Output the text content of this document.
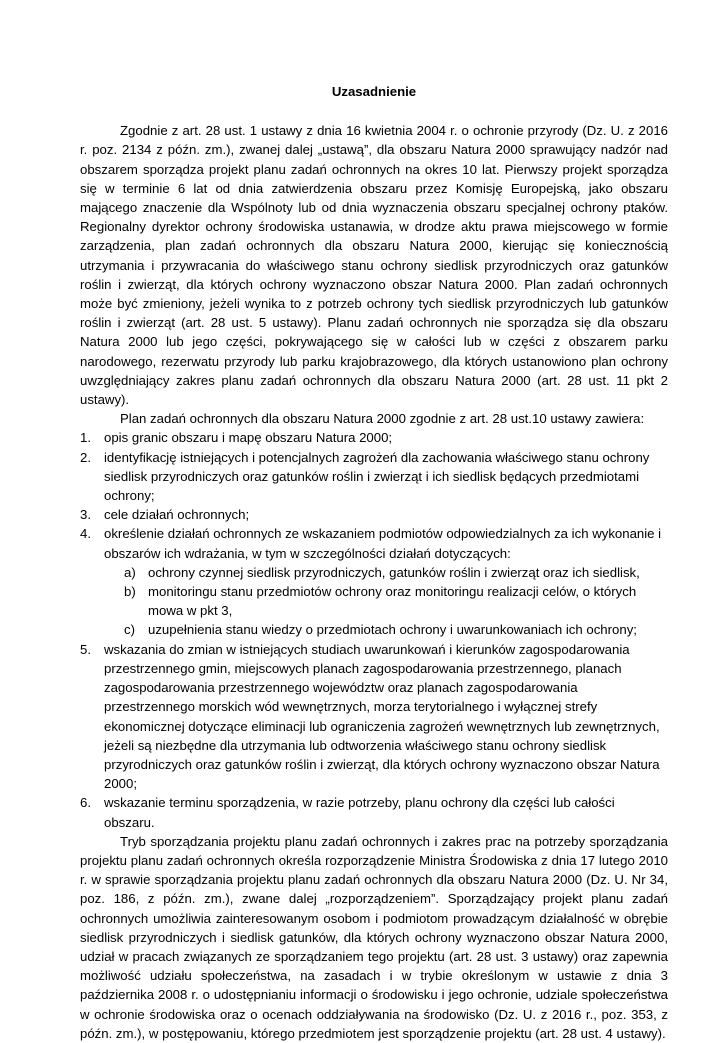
Uzasadnienie

Zgodnie z art. 28 ust. 1 ustawy z dnia 16 kwietnia 2004 r. o ochronie przyrody (Dz. U. z 2016 r. poz. 2134 z późn. zm.), zwanej dalej „ustawą”, dla obszaru Natura 2000 sprawujący nadzór nad obszarem sporządza projekt planu zadań ochronnych na okres 10 lat. Pierwszy projekt sporządza się w terminie 6 lat od dnia zatwierdzenia obszaru przez Komisję Europejską, jako obszaru mającego znaczenie dla Wspólnoty lub od dnia wyznaczenia obszaru specjalnej ochrony ptaków. Regionalny dyrektor ochrony środowiska ustanawia, w drodze aktu prawa miejscowego w formie zarządzenia, plan zadań ochronnych dla obszaru Natura 2000, kierując się koniecznością utrzymania i przywracania do właściwego stanu ochrony siedlisk przyrodniczych oraz gatunków roślin i zwierząt, dla których ochrony wyznaczono obszar Natura 2000. Plan zadań ochronnych może być zmieniony, jeżeli wynika to z potrzeb ochrony tych siedlisk przyrodniczych lub gatunków roślin i zwierząt (art. 28 ust. 5 ustawy). Planu zadań ochronnych nie sporządza się dla obszaru Natura 2000 lub jego części, pokrywającego się w całości lub w części z obszarem parku narodowego, rezerwatu przyrody lub parku krajobrazowego, dla których ustanowiono plan ochrony uwzględniający zakres planu zadań ochronnych dla obszaru Natura 2000 (art. 28 ust. 11 pkt 2 ustawy).

Plan zadań ochronnych dla obszaru Natura 2000 zgodnie z art. 28 ust.10 ustawy zawiera:

1. opis granic obszaru i mapę obszaru Natura 2000;
2. identyfikację istniejących i potencjalnych zagrożeń dla zachowania właściwego stanu ochrony siedlisk przyrodniczych oraz gatunków roślin i zwierząt i ich siedlisk będących przedmiotami ochrony;
3. cele działań ochronnych;
4. określenie działań ochronnych ze wskazaniem podmiotów odpowiedzialnych za ich wykonanie i obszarów ich wdrażania, w tym w szczególności działań dotyczących:
a) ochrony czynnej siedlisk przyrodniczych, gatunków roślin i zwierząt oraz ich siedlisk,
b) monitoringu stanu przedmiotów ochrony oraz monitoringu realizacji celów, o których mowa w pkt 3,
c) uzupełnienia stanu wiedzy o przedmiotach ochrony i uwarunkowaniach ich ochrony;
5. wskazania do zmian w istniejących studiach uwarunkowań i kierunków zagospodarowania przestrzennego gmin, miejscowych planach zagospodarowania przestrzennego, planach zagospodarowania przestrzennego województw oraz planach zagospodarowania przestrzennego morskich wód wewnętrznych, morza terytorialnego i wyłącznej strefy ekonomicznej dotyczące eliminacji lub ograniczenia zagrożeń wewnętrznych lub zewnętrznych, jeżeli są niezbędne dla utrzymania lub odtworzenia właściwego stanu ochrony siedlisk przyrodniczych oraz gatunków roślin i zwierząt, dla których ochrony wyznaczono obszar Natura 2000;
6. wskazanie terminu sporządzenia, w razie potrzeby, planu ochrony dla części lub całości obszaru.

Tryb sporządzania projektu planu zadań ochronnych i zakres prac na potrzeby sporządzania projektu planu zadań ochronnych określa rozporządzenie Ministra Środowiska z dnia 17 lutego 2010 r. w sprawie sporządzania projektu planu zadań ochronnych dla obszaru Natura 2000 (Dz. U. Nr 34, poz. 186, z późn. zm.), zwane dalej „rozporządzeniem”. Sporządzający projekt planu zadań ochronnych umożliwia zainteresowanym osobom i podmiotom prowadzącym działalność w obrębie siedlisk przyrodniczych i siedlisk gatunków, dla których ochrony wyznaczono obszar Natura 2000, udział w pracach związanych ze sporządzaniem tego projektu (art. 28 ust. 3 ustawy) oraz zapewnia możliwość udziału społeczeństwa, na zasadach i w trybie określonym w ustawie z dnia 3 października 2008 r. o udostępnianiu informacji o środowisku i jego ochronie, udziale społeczeństwa w ochronie środowiska oraz o ocenach oddziaływania na środowisko (Dz. U. z 2016 r., poz. 353, z późn. zm.), w postępowaniu, którego przedmiotem jest sporządzenie projektu (art. 28 ust. 4 ustawy).
